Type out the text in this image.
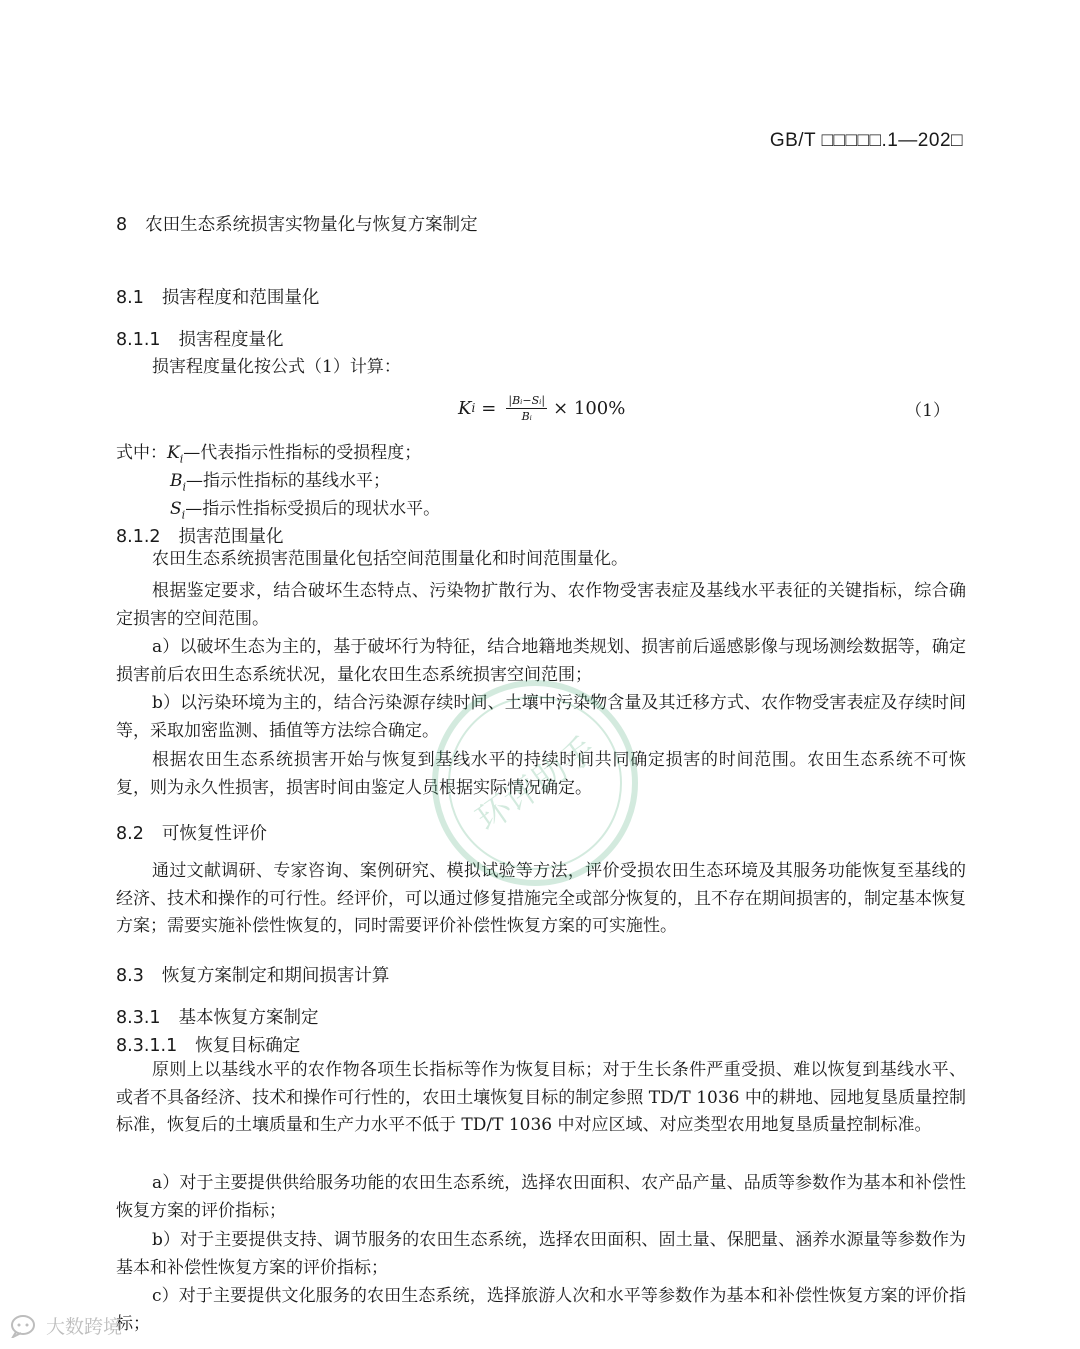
GB/T □□□□□.1—202□
8 农田生态系统损害实物量化与恢复方案制定
8.1 损害程度和范围量化
8.1.1 损害程度量化
损害程度量化按公式（1）计算：
K $i = \frac{\text{|Bᵢ−Sᵢ|}}{\text{Bᵢ}} \times 100\%$	（1）
式中：$K_i—$代表指示性指标的受损程度；
$B_i—$指示性指标的基线水平；
$S_i—$指示性指标受损后的现状水平。
8.1.2 损害范围量化
农田生态系统损害范围量化包括空间范围量化和时间范围量化。
根据鉴定要求，结合破坏生态特点、污染物扩散行为、农作物受害表症及基线水平表征的关键指标，综合确定损害的空间范围。
a）以破坏生态为主的，基于破坏行为特征，结合地籍地类规划、损害前后遥感影像与现场测绘数据等，确定损害前后农田生态系统状况，量化农田生态系统损害空间范围；
b）以污染环境为主的，结合污染源存续时间、土壤中污染物含量及其迁移方式、农作物受害表症及存续时间等，采取加密监测、插值等方法综合确定。
根据农田生态系统损害开始与恢复到基线水平的持续时间共同确定损害的时间范围。农田生态系统不可恢复，则为永久性损害，损害时间由鉴定人员根据实际情况确定。
8.2 可恢复性评价
通过文献调研、专家咨询、案例研究、模拟试验等方法，评价受损农田生态环境及其服务功能恢复至基线的经济、技术和操作的可行性。经评价，可以通过修复措施完全或部分恢复的，且不存在期间损害的，制定基本恢复方案；需要实施补偿性恢复的，同时需要评价补偿性恢复方案的可实施性。
8.3 恢复方案制定和期间损害计算
8.3.1 基本恢复方案制定
8.3.1.1 恢复目标确定
原则上以基线水平的农作物各项生长指标等作为恢复目标；对于生长条件严重受损、难以恢复到基线水平、或者不具备经济、技术和操作可行性的，农田土壤恢复目标的制定参照 TD/T 1036 中的耕地、园地复垦质量控制标准，恢复后的土壤质量和生产力水平不低于 TD/T 1036 中对应区域、对应类型农用地复垦质量控制标准。
a）对于主要提供供给服务功能的农田生态系统，选择农田面积、农产品产量、品质等参数作为基本和补偿性恢复方案的评价指标；
b）对于主要提供支持、调节服务的农田生态系统，选择农田面积、固土量、保肥量、涵养水源量等参数作为基本和补偿性恢复方案的评价指标；
c）对于主要提供文化服务的农田生态系统，选择旅游人次和水平等参数作为基本和补偿性恢复方案的评价指标；
环评助手
大数跨境
